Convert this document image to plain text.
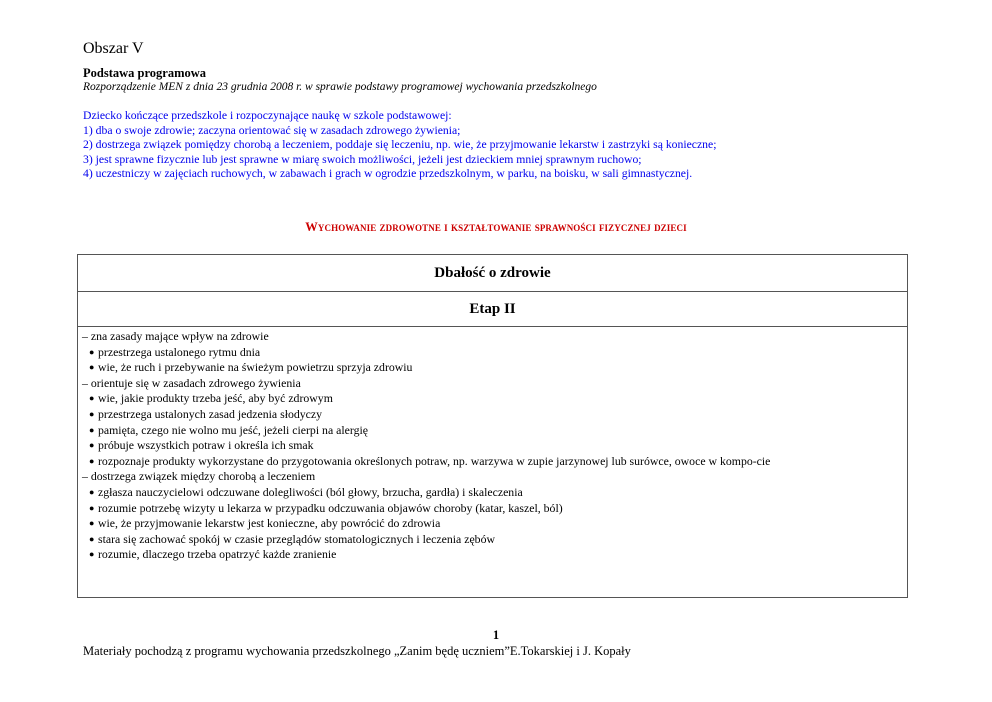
Obszar V
Podstawa programowa
Rozporządzenie MEN z dnia 23 grudnia 2008 r. w sprawie podstawy programowej wychowania przedszkolnego
Dziecko kończące przedszkole i rozpoczynające naukę w szkole podstawowej:
1) dba o swoje zdrowie; zaczyna orientować się w zasadach zdrowego żywienia;
2) dostrzega związek pomiędzy chorobą a leczeniem, poddaje się leczeniu, np. wie, że przyjmowanie lekarstw i zastrzyki są konieczne;
3) jest sprawne fizycznie lub jest sprawne w miarę swoich możliwości, jeżeli jest dzieckiem mniej sprawnym ruchowo;
4) uczestniczy w zajęciach ruchowych, w zabawach i grach w ogrodzie przedszkolnym, w parku, na boisku, w sali gimnastycznej.
Wychowanie zdrowotne i kształtowanie sprawności fizycznej dzieci
Dbałość o zdrowie
Etap II
– zna zasady mające wpływ na zdrowie
● przestrzega ustalonego rytmu dnia
● wie, że ruch i przebywanie na świeżym powietrzu sprzyja zdrowiu
– orientuje się w zasadach zdrowego żywienia
● wie, jakie produkty trzeba jeść, aby być zdrowym
● przestrzega ustalonych zasad jedzenia słodyczy
● pamięta, czego nie wolno mu jeść, jeżeli cierpi na alergię
● próbuje wszystkich potraw i określa ich smak
● rozpoznaje produkty wykorzystane do przygotowania określonych potraw, np. warzywa w zupie jarzynowej lub surówce, owoce w kompo-cie
– dostrzega związek między chorobą a leczeniem
● zgłasza nauczycielowi odczuwane dolegliwości (ból głowy, brzucha, gardła) i skaleczenia
● rozumie potrzebę wizyty u lekarza w przypadku odczuwania objawów choroby (katar, kaszel, ból)
● wie, że przyjmowanie lekarstw jest konieczne, aby powrócić do zdrowia
● stara się zachować spokój w czasie przeglądów stomatologicznych i leczenia zębów
● rozumie, dlaczego trzeba opatrzyć każde zranienie
1
Materiały pochodzą z programu wychowania przedszkolnego „Zanim będę uczniem”E.Tokarskiej i J. Kopały
